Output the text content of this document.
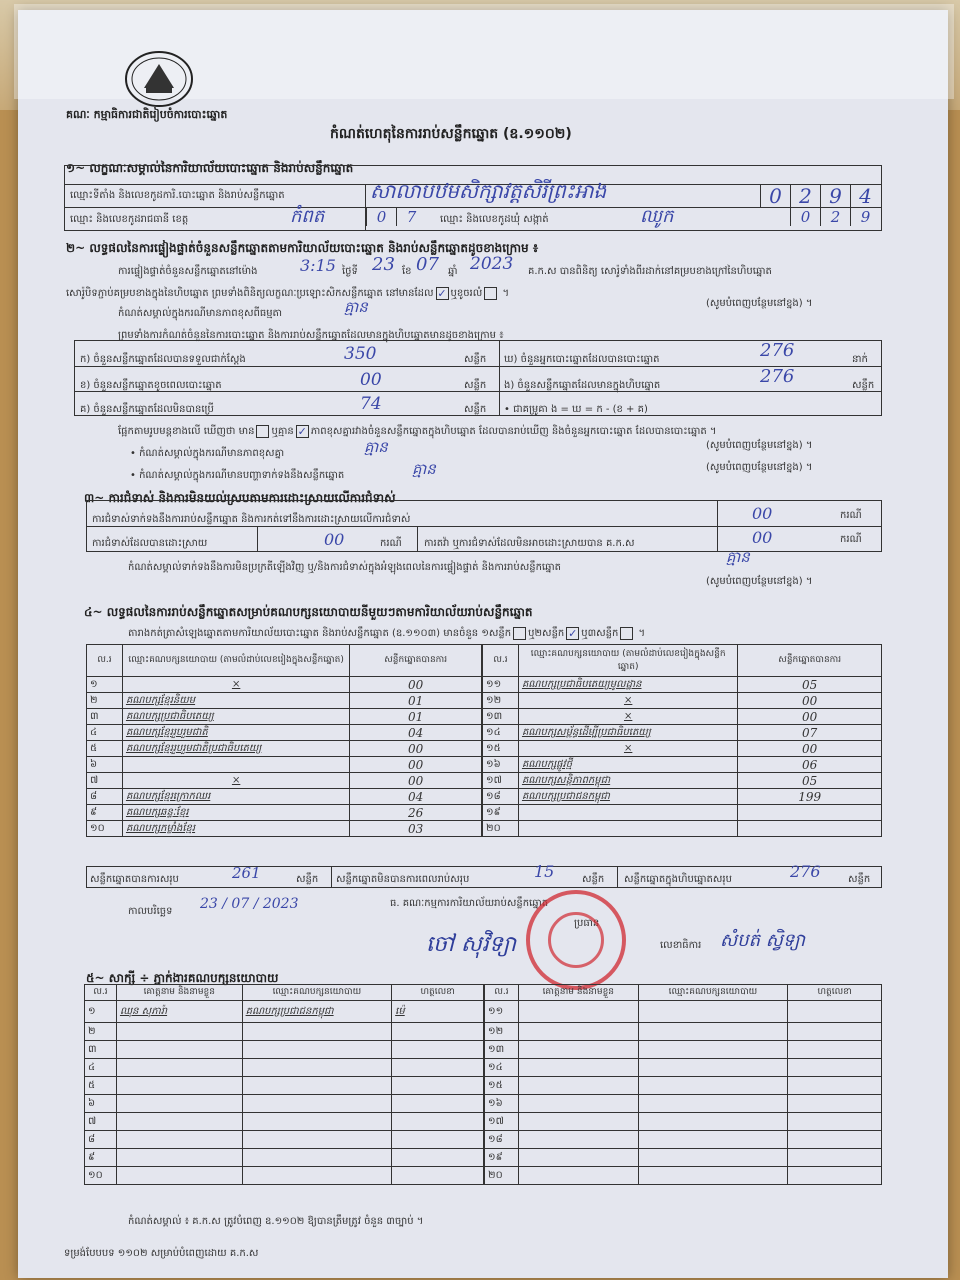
គណៈ កម្មាធិការជាតិរៀបចំការបោះឆ្នោត
កំណត់ហេតុនៃការរាប់សន្លឹកឆ្នោត (ឧ.១១០២)
១~ លក្ខណៈសម្គាល់នៃការិយាល័យបោះឆ្នោត និងរាប់សន្លឹកឆ្នោត
ឈ្មោះទីតាំង និងលេខកូដការិ.បោះឆ្នោត និងរាប់សន្លឹកឆ្នោត	សាលាបឋមសិក្សាវត្តសិរីព្រះអាង	0 2 9 4
ឈ្មោះ និងលេខកូដរាជធានី ខេត្ត	កំពត	0	7	ឈ្មោះ និងលេខកូដឃុំ សង្កាត់	ឈូក	0	2	9
២~ លទ្ធផលនៃការផ្ទៀងផ្ទាត់ចំនួនសន្លឹកឆ្នោតតាមការិយាល័យបោះឆ្នោត និងរាប់សន្លឹកឆ្នោតដូចខាងក្រោម ៖
ការផ្ទៀងផ្ទាត់ចំនួនសន្លឹកឆ្នោតនៅម៉ោង	3:15 ថ្ងៃទី 23 ខែ 07 ឆ្នាំ 2023 គ.ក.ស បានពិនិត្យ សោរ៉ូទាំងពីរដាក់នៅគម្របខាងក្រៅនៃហិបឆ្នោត
សោរ៉ូបិទភ្ជាប់គម្របខាងក្នុងនៃហិបឆ្នោត ព្រមទាំងពិនិត្យលក្ខណៈប្រឡោះសិកសន្លឹកឆ្នោត នៅមានដែល ✓ ឬខូចរលំ ។
កំណត់សម្គាល់ក្នុងករណីមានភាពខុសពីធម្មតា	គ្មាន	(សូមបំពេញបន្ថែមនៅខ្នង) ។
ព្រមទាំងការកំណត់ចំនួននៃការបោះឆ្នោត និងការរាប់សន្លឹកឆ្នោតដែលមានក្នុងហិបឆ្នោតមានដូចខាងក្រោម ៖
ក) ចំនួនសន្លឹកឆ្នោតដែលបានទទួលជាក់ស្តែង	350	សន្លឹក
ខ) ចំនួនសន្លឹកឆ្នោតខូចពេលបោះឆ្នោត	00	សន្លឹក
គ) ចំនួនសន្លឹកឆ្នោតដែលមិនបានប្រើ	74	សន្លឹក
ឃ) ចំនួនអ្នកបោះឆ្នោតដែលបានបោះឆ្នោត	276	នាក់
ង) ចំនួនសន្លឹកឆ្នោតដែលមានក្នុងហិបឆ្នោត	276	សន្លឹក
• ជាគម្រូគា ង = ឃ = ក - (ខ + គ)
ផ្អែកតាមរូបមន្តខាងលើ ឃើញថា មាន ឬគ្មាន ✓ ភាពខុសគ្នារវាងចំនួនសន្លឹកឆ្នោតក្នុងហិបឆ្នោត ដែលបានរាប់ឃើញ និងចំនួនអ្នកបោះឆ្នោត ដែលបានបោះឆ្នោត ។
• កំណត់សម្គាល់ក្នុងករណីមានភាពខុសគ្នា	គ្មាន	(សូមបំពេញបន្ថែមនៅខ្នង) ។
• កំណត់សម្គាល់ក្នុងករណីមានបញ្ហាទាក់ទងនឹងសន្លឹកឆ្នោត	គ្មាន	(សូមបំពេញបន្ថែមនៅខ្នង) ។
៣~ ការជំទាស់ និងការមិនយល់ស្របតាមការដោះស្រាយលើការជំទាស់
ការជំទាស់ទាក់ទងនឹងការរាប់សន្លឹកឆ្នោត និងការកត់ទៅនឹងការដោះស្រាយលើការជំទាស់	00	ករណី
ការជំទាស់ដែលបានដោះស្រាយ	00	ករណី ការតវ៉ា ឬការជំទាស់ដែលមិនអាចដោះស្រាយបាន គ.ក.ស	00	ករណី
កំណត់សម្គាល់ទាក់ទងនឹងការមិនប្រក្រតីឡើងវិញ ឬ/និងការជំទាស់ក្នុងអំឡុងពេលនៃការផ្ទៀងផ្ទាត់ និងការរាប់សន្លឹកឆ្នោត
គ្មាន
(សូមបំពេញបន្ថែមនៅខ្នង) ។
៤~ លទ្ធផលនៃការរាប់សន្លឹកឆ្នោតសម្រាប់គណបក្សនយោបាយនីមួយៗតាមការិយាល័យរាប់សន្លឹកឆ្នោត
តារាងកត់ត្រាសំឡេងឆ្នោតតាមការិយាល័យបោះឆ្នោត និងរាប់សន្លឹកឆ្នោត (ឧ.១១០៣) មានចំនួន ១សន្លឹក ឬ២សន្លឹក ✓ ឬ៣សន្លឹក ។
ល.រ	ឈ្មោះគណបក្សនយោបាយ (តាមលំដាប់លេខរៀងក្នុងសន្លឹកឆ្នោត)	សន្លឹកឆ្នោតបានការ
១	×	00
២	គណបក្សខ្មែរនិយម	01
៣	គណបក្សប្រជាធិបតេយ្យ	01
៤	គណបក្សខ្មែររួបរួមជាតិ	04
៥	គណបក្សខ្មែររួបរួមជាតិប្រជាធិបតេយ្យ	00
៦		00
៧	×	00
៨	គណបក្សខ្មែរក្រោកឈរ	04
៩	គណបក្សឆន្ទៈខ្មែរ	26
១០	គណបក្សកម្លាំងខ្មែរ	03
ល.រ	ឈ្មោះគណបក្សនយោបាយ (តាមលំដាប់លេខរៀងក្នុងសន្លឹកឆ្នោត)	សន្លឹកឆ្នោតបានការ
១១	គណបក្សប្រជាធិបតេយ្យមូលដ្ឋាន	05
១២	×	00
១៣	×	00
១៤	គណបក្សសម្ព័ន្ធដើម្បីប្រជាធិបតេយ្យ	07
១៥	×	00
១៦	គណបក្សផ្លូវថ្មី	06
១៧	គណបក្សសន្តិភាពកម្ពុជា	05
១៨	គណបក្សប្រជាជនកម្ពុជា	199
១៩		
២០		
សន្លឹកឆ្នោតបានការសរុប	261	សន្លឹក សន្លឹកឆ្នោតមិនបានការពេលរាប់សរុប	15	សន្លឹក សន្លឹកឆ្នោតក្នុងហិបឆ្នោតសរុប	276	សន្លឹក
កាលបរិច្ឆេទ 23 / 07 / 2023	ធ. គណៈកម្មការការិយាល័យរាប់សន្លឹកឆ្នោត
ប្រធាន
ចៅ សុវិទ្យា	លេខាធិការ សំបត់ ស្វិទ្យា
៥~ សាក្សី ÷ ភ្នាក់ងារគណបក្សនយោបាយ
ល.រ	គោត្តនាម និងនាមខ្លួន	ឈ្មោះគណបក្សនយោបាយ	ហត្ថលេខា
១	ឈុន សុភារ៉ា	គណបក្សប្រជាជនកម្ពុជា	ម៉េ
២			
៣			
៤			
៥			
៦			
៧			
៨			
៩			
១០			
ល.រ	គោត្តនាម និងនាមខ្លួន	ឈ្មោះគណបក្សនយោបាយ	ហត្ថលេខា
១១			
១២			
១៣			
១៤			
១៥			
១៦			
១៧			
១៨			
១៩			
២០			
កំណត់សម្គាល់ ៖ គ.ក.ស ត្រូវបំពេញ ឧ.១១០២ ឱ្យបានត្រឹមត្រូវ ចំនួន ៣ច្បាប់ ។
ទម្រង់បែបបទ ១១០២ សម្រាប់បំពេញដោយ គ.ក.ស
